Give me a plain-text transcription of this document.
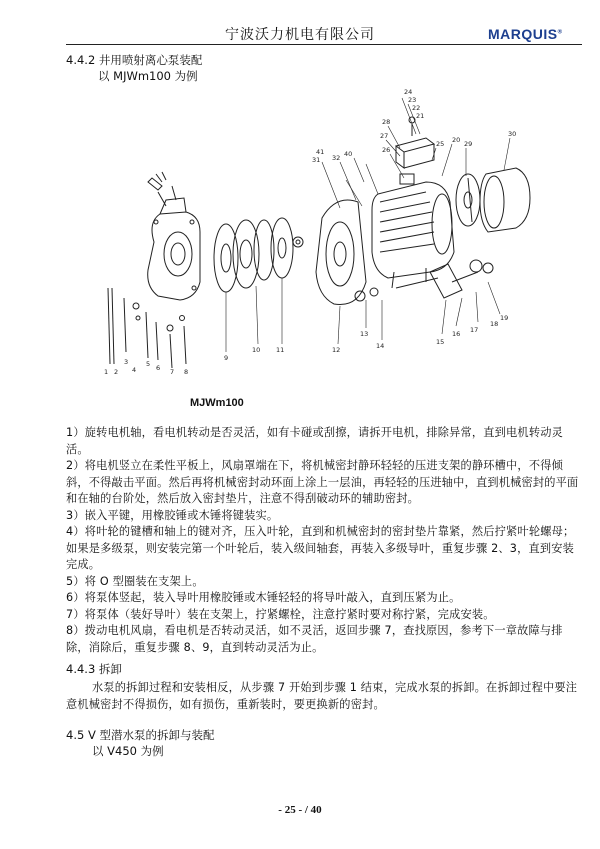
宁波沃力机电有限公司	MARQUIS®
4.4.2 井用喷射离心泵装配
以 MJWm100 为例
24
23
22
21
28
27
26
25 20 29
30
31 32
41	40
18
19
17
16
15
14
13
12
11
10
9
8
7
6
5
4
3
2
1
MJWm100
1）旋转电机轴，看电机转动是否灵活，如有卡碰或刮擦，请拆开电机，排除异常，直到电机转动灵活。
2）将电机竖立在柔性平板上，风扇罩端在下，将机械密封静环轻轻的压进支架的静环槽中，不得倾斜，不得敲击平面。然后再将机械密封动环面上涂上一层油，再轻轻的压进轴中，直到机械密封的平面和在轴的台阶处，然后放入密封垫片，注意不得刮破动环的辅助密封。
3）嵌入平键，用橡胶锤或木锤将键装实。
4）将叶轮的键槽和轴上的键对齐，压入叶轮，直到和机械密封的密封垫片靠紧，然后拧紧叶轮螺母；如果是多级泵，则安装完第一个叶轮后，装入级间轴套，再装入多级导叶，重复步骤 2、3，直到安装完成。
5）将 O 型圈装在支架上。
6）将泵体竖起，装入导叶用橡胶锤或木锤轻轻的将导叶敲入，直到压紧为止。
7）将泵体（装好导叶）装在支架上，拧紧螺栓，注意拧紧时要对称拧紧，完成安装。
8）拨动电机风扇，看电机是否转动灵活，如不灵活，返回步骤 7，查找原因，参考下一章故障与排除，消除后，重复步骤 8、9，直到转动灵活为止。
4.4.3 拆卸
水泵的拆卸过程和安装相反，从步骤 7 开始到步骤 1 结束，完成水泵的拆卸。在拆卸过程中要注意机械密封不得损伤，如有损伤，重新装时，要更换新的密封。
4.5 V 型潜水泵的拆卸与装配
以 V450 为例
- 25 - / 40
